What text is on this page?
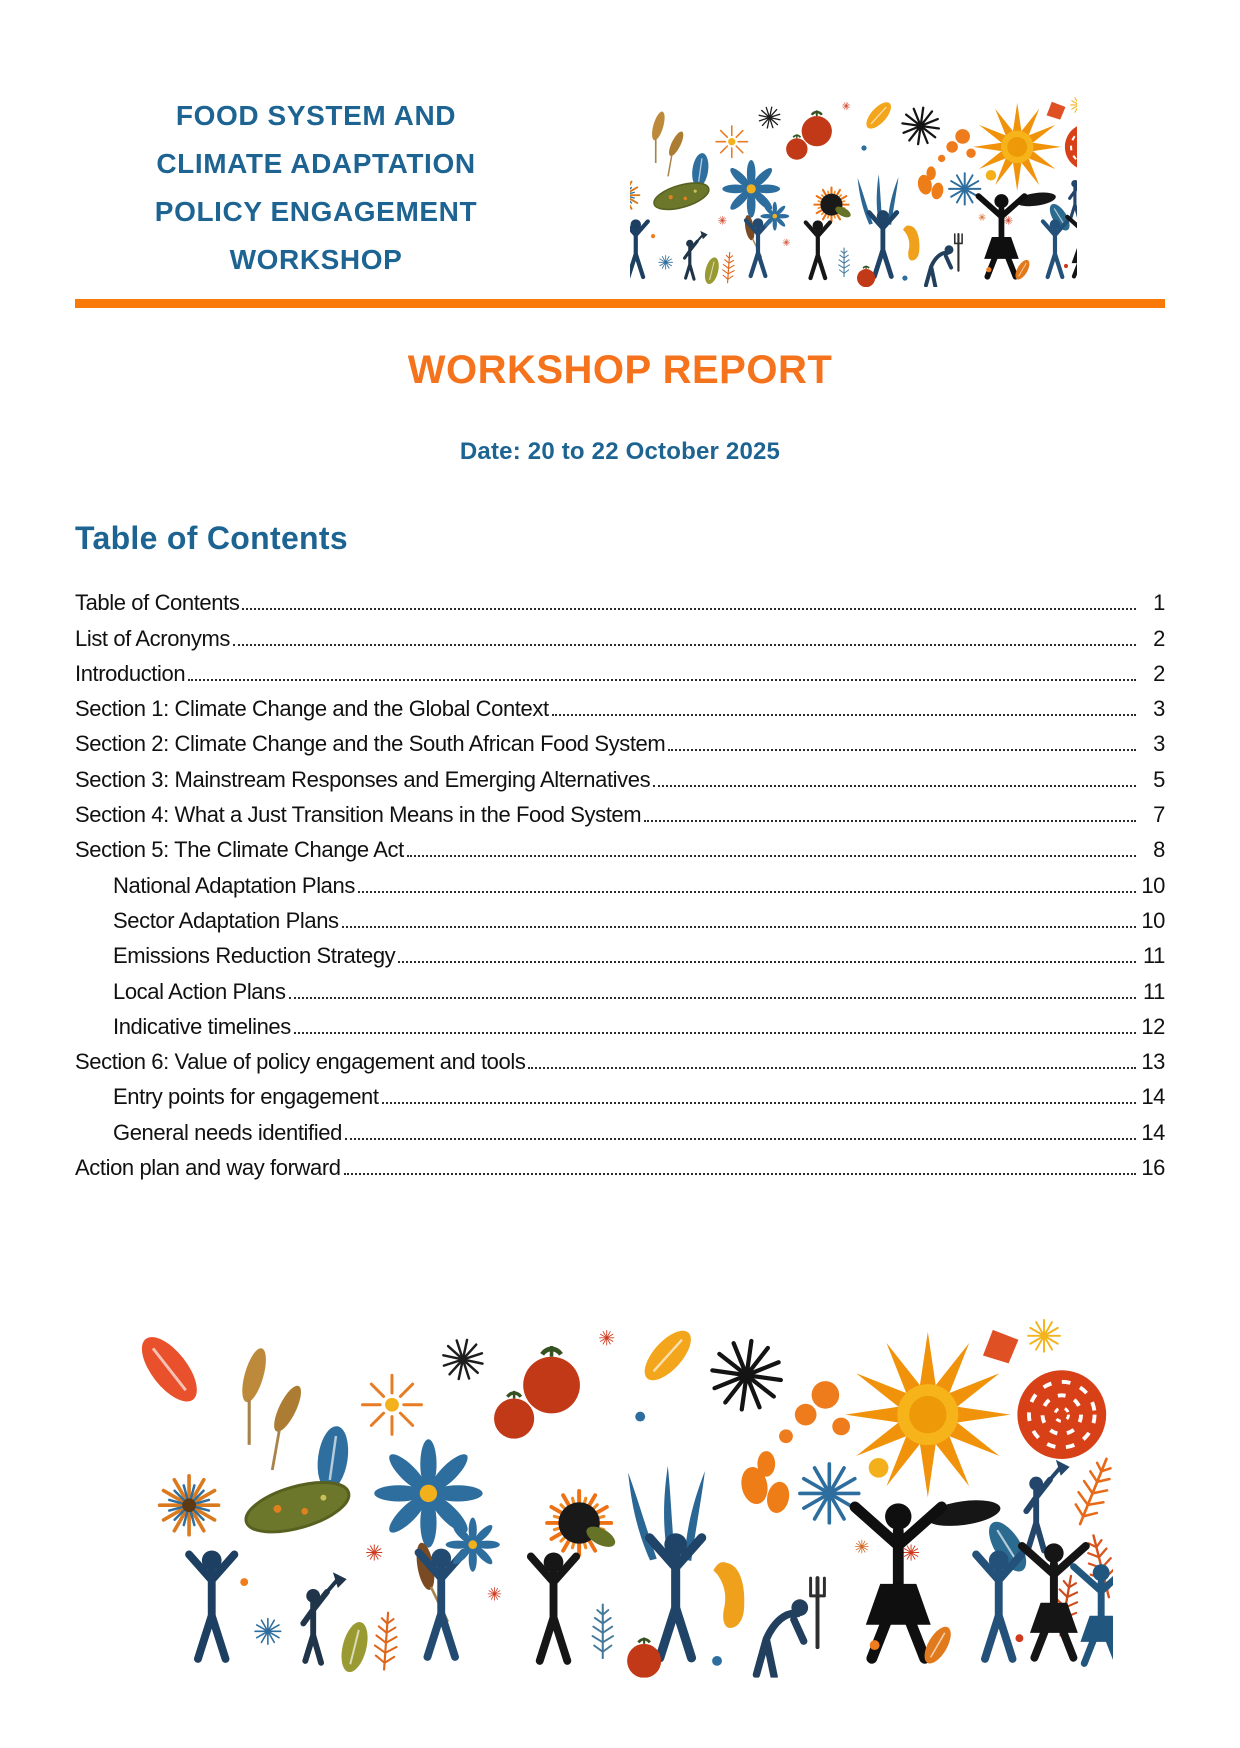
FOOD SYSTEM AND
CLIMATE ADAPTATION
POLICY ENGAGEMENT
WORKSHOP
WORKSHOP REPORT
Date: 20 to 22 October 2025
Table of Contents
Table of Contents	1
List of Acronyms	2
Introduction	2
Section 1: Climate Change and the Global Context	3
Section 2: Climate Change and the South African Food System	3
Section 3: Mainstream Responses and Emerging Alternatives	5
Section 4: What a Just Transition Means in the Food System	7
Section 5: The Climate Change Act	8
National Adaptation Plans	10
Sector Adaptation Plans	10
Emissions Reduction Strategy	11
Local Action Plans	11
Indicative timelines	12
Section 6: Value of policy engagement and tools	13
Entry points for engagement	14
General needs identified	14
Action plan and way forward	16
